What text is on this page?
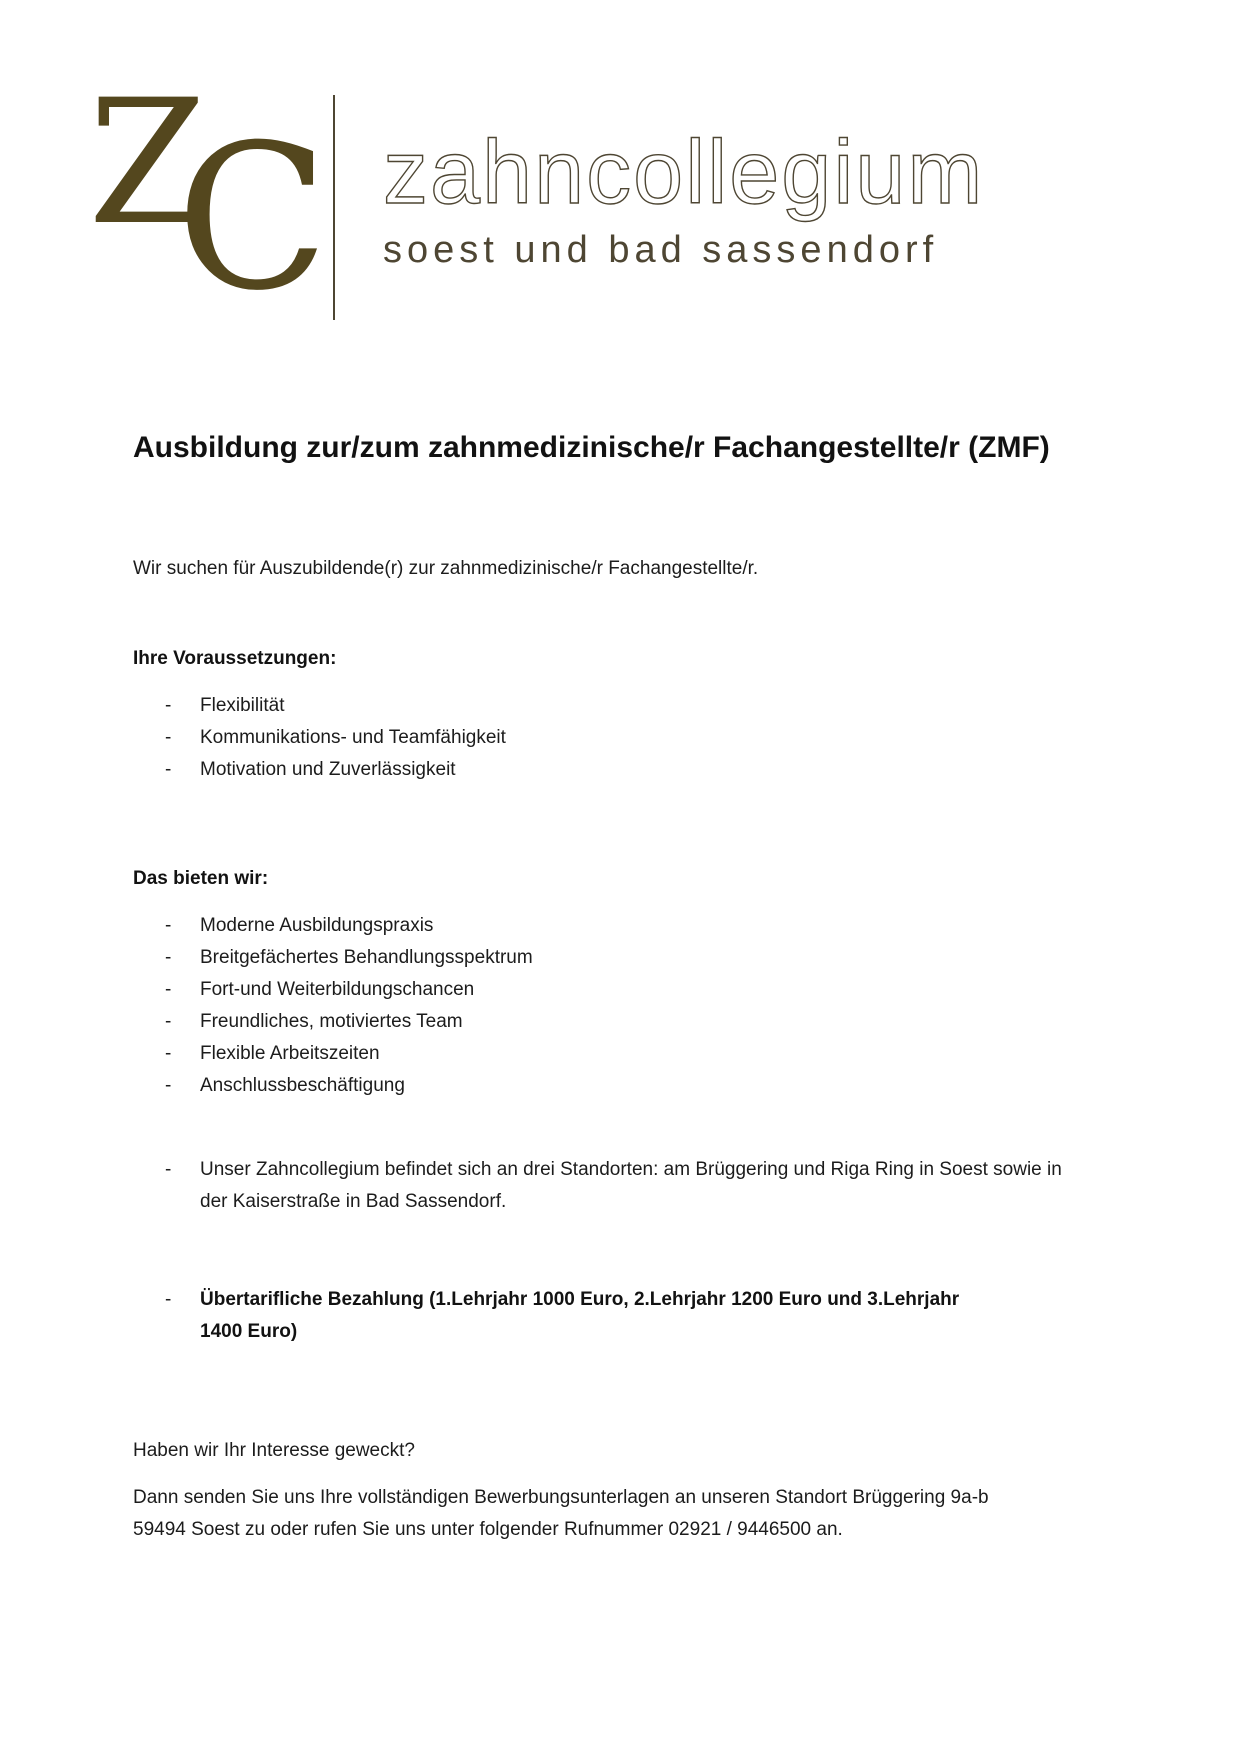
Z
C zahncollegium
soest und bad sassendorf
Ausbildung zur/zum zahnmedizinische/r Fachangestellte/r (ZMF)

Wir suchen für Auszubildende(r) zur zahnmedizinische/r Fachangestellte/r.

Ihre Voraussetzungen:
-	Flexibilität
-	Kommunikations- und Teamfähigkeit
-	Motivation und Zuverlässigkeit
Das bieten wir:
-	Moderne Ausbildungspraxis
-	Breitgefächertes Behandlungsspektrum
-	Fort-und Weiterbildungschancen
-	Freundliches, motiviertes Team
-	Flexible Arbeitszeiten
-	Anschlussbeschäftigung
-	Unser Zahncollegium befindet sich an drei Standorten: am Brüggering und Riga Ring in Soest sowie in der Kaiserstraße in Bad Sassendorf.
-	Übertarifliche Bezahlung (1.Lehrjahr 1000 Euro, 2.Lehrjahr 1200 Euro und 3.Lehrjahr 1400 Euro)

Haben wir Ihr Interesse geweckt?

Dann senden Sie uns Ihre vollständigen Bewerbungsunterlagen an unseren Standort Brüggering 9a-b
59494 Soest zu oder rufen Sie uns unter folgender Rufnummer 02921 / 9446500 an.
